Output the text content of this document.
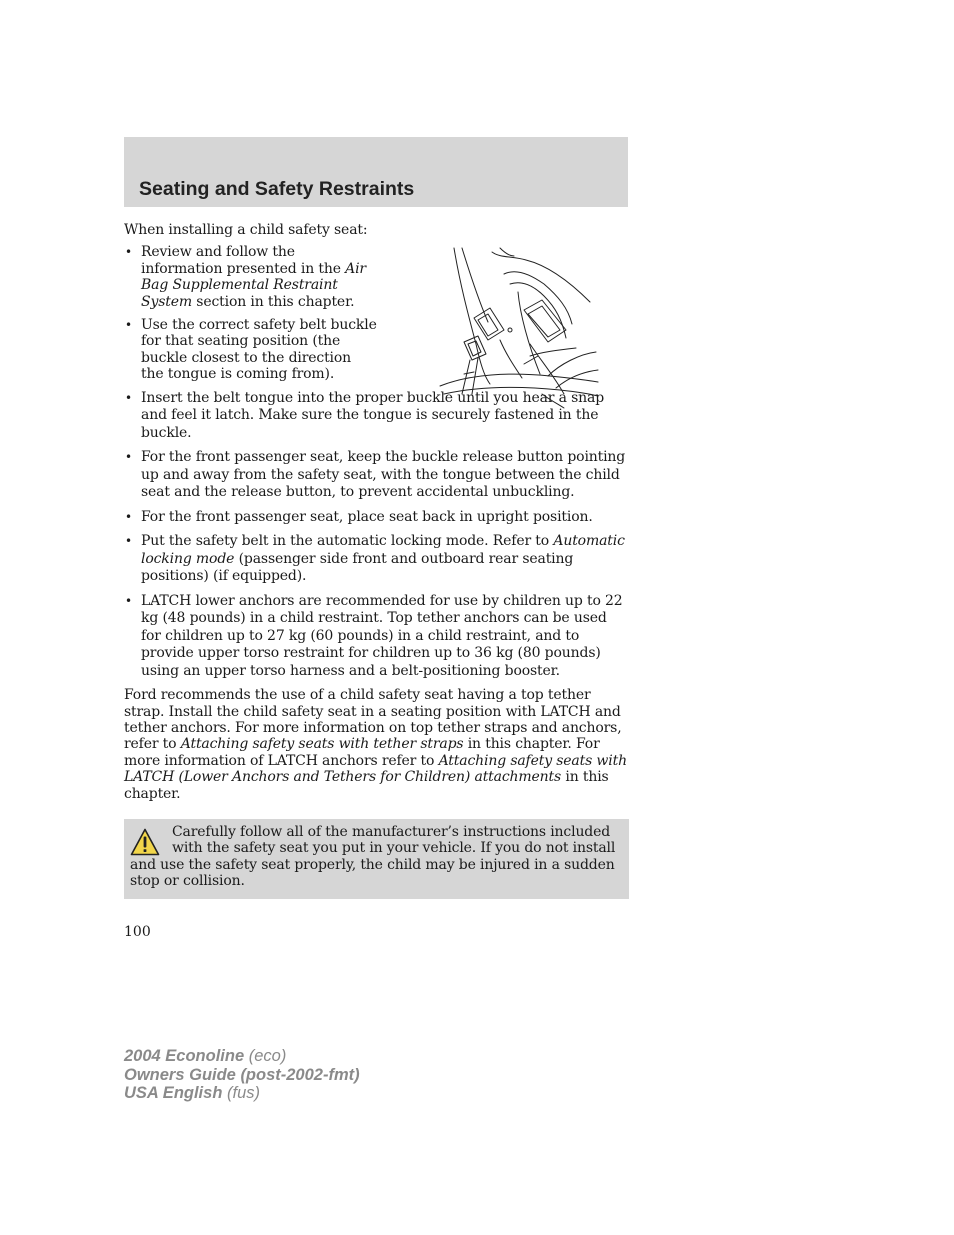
Seating and Safety Restraints

When installing a child safety seat:

• Review and follow the information presented in the Air Bag Supplemental Restraint System section in this chapter.
• Use the correct safety belt buckle for that seating position (the buckle closest to the direction the tongue is coming from).
• Insert the belt tongue into the proper buckle until you hear a snap and feel it latch. Make sure the tongue is securely fastened in the buckle.
• For the front passenger seat, keep the buckle release button pointing up and away from the safety seat, with the tongue between the child seat and the release button, to prevent accidental unbuckling.
• For the front passenger seat, place seat back in upright position.
• Put the safety belt in the automatic locking mode. Refer to Automatic locking mode (passenger side front and outboard rear seating positions) (if equipped).
• LATCH lower anchors are recommended for use by children up to 22 kg (48 pounds) in a child restraint. Top tether anchors can be used for children up to 27 kg (60 pounds) in a child restraint, and to provide upper torso restraint for children up to 36 kg (80 pounds) using an upper torso harness and a belt-positioning booster.

Ford recommends the use of a child safety seat having a top tether strap. Install the child safety seat in a seating position with LATCH and tether anchors. For more information on top tether straps and anchors, refer to Attaching safety seats with tether straps in this chapter. For more information of LATCH anchors refer to Attaching safety seats with LATCH (Lower Anchors and Tethers for Children) attachments in this chapter.

Carefully follow all of the manufacturer’s instructions included with the safety seat you put in your vehicle. If you do not install and use the safety seat properly, the child may be injured in a sudden stop or collision.
100
2004 Econoline (eco)
Owners Guide (post-2002-fmt)
USA English (fus)
